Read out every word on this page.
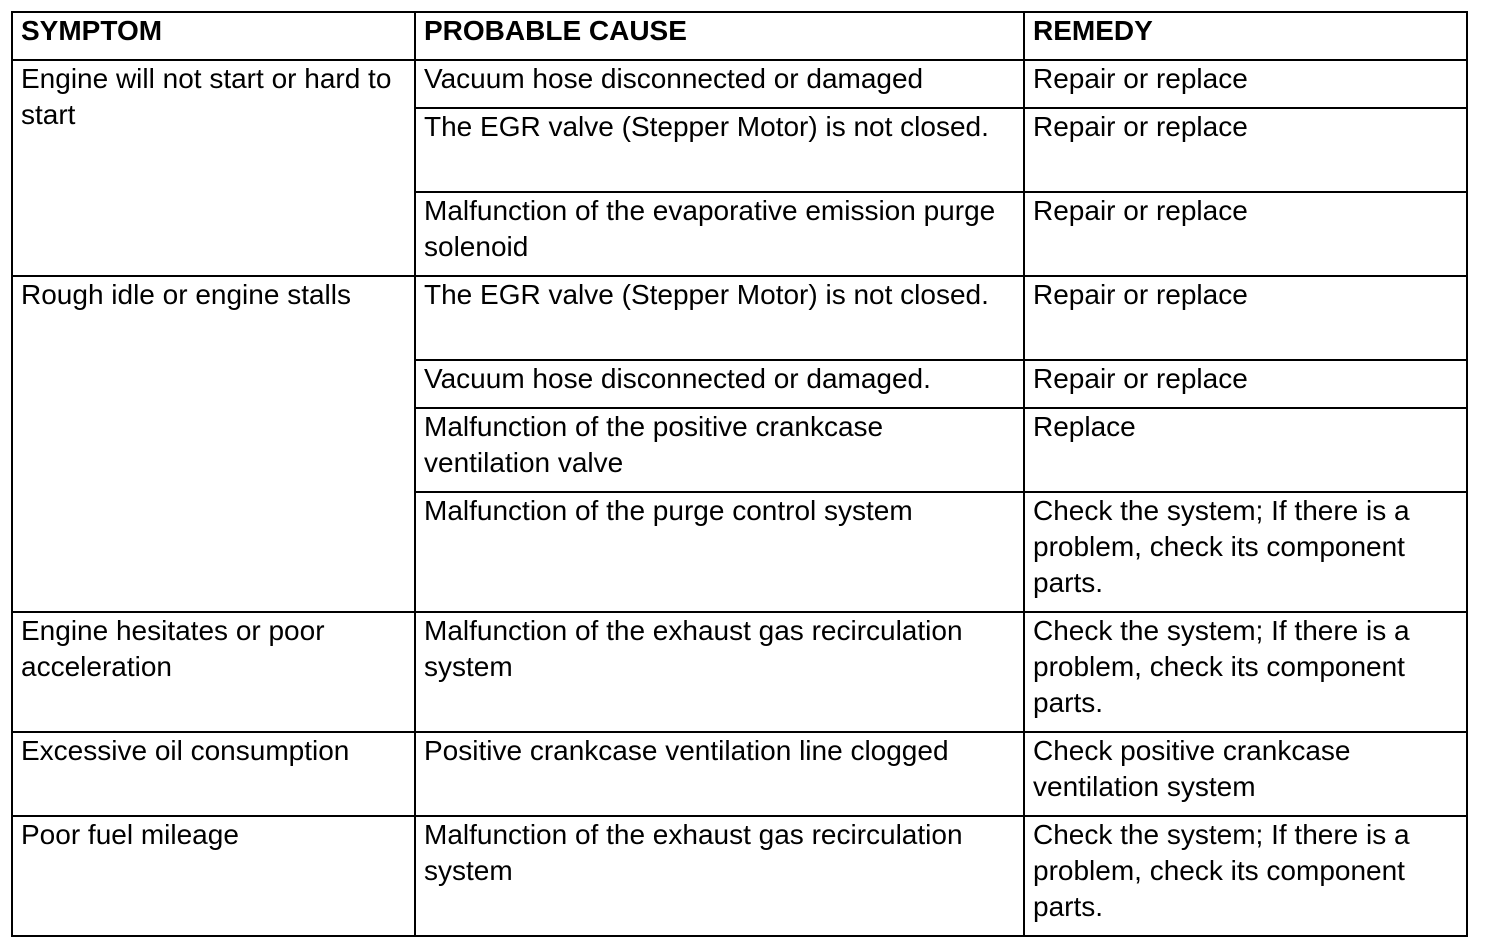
SYMPTOM	PROBABLE CAUSE	REMEDY
Engine will not start or hard to start	Vacuum hose disconnected or damaged	Repair or replace
	The EGR valve (Stepper Motor) is not closed.	Repair or replace
	Malfunction of the evaporative emission purge solenoid	Repair or replace
Rough idle or engine stalls	The EGR valve (Stepper Motor) is not closed.	Repair or replace
	Vacuum hose disconnected or damaged.	Repair or replace
	Malfunction of the positive crankcase ventilation valve	Replace
	Malfunction of the purge control system	Check the system; If there is a problem, check its component parts.
Engine hesitates or poor acceleration	Malfunction of the exhaust gas recirculation system	Check the system; If there is a problem, check its component parts.
Excessive oil consumption	Positive crankcase ventilation line clogged	Check positive crankcase ventilation system
Poor fuel mileage	Malfunction of the exhaust gas recirculation system	Check the system; If there is a problem, check its component parts.
